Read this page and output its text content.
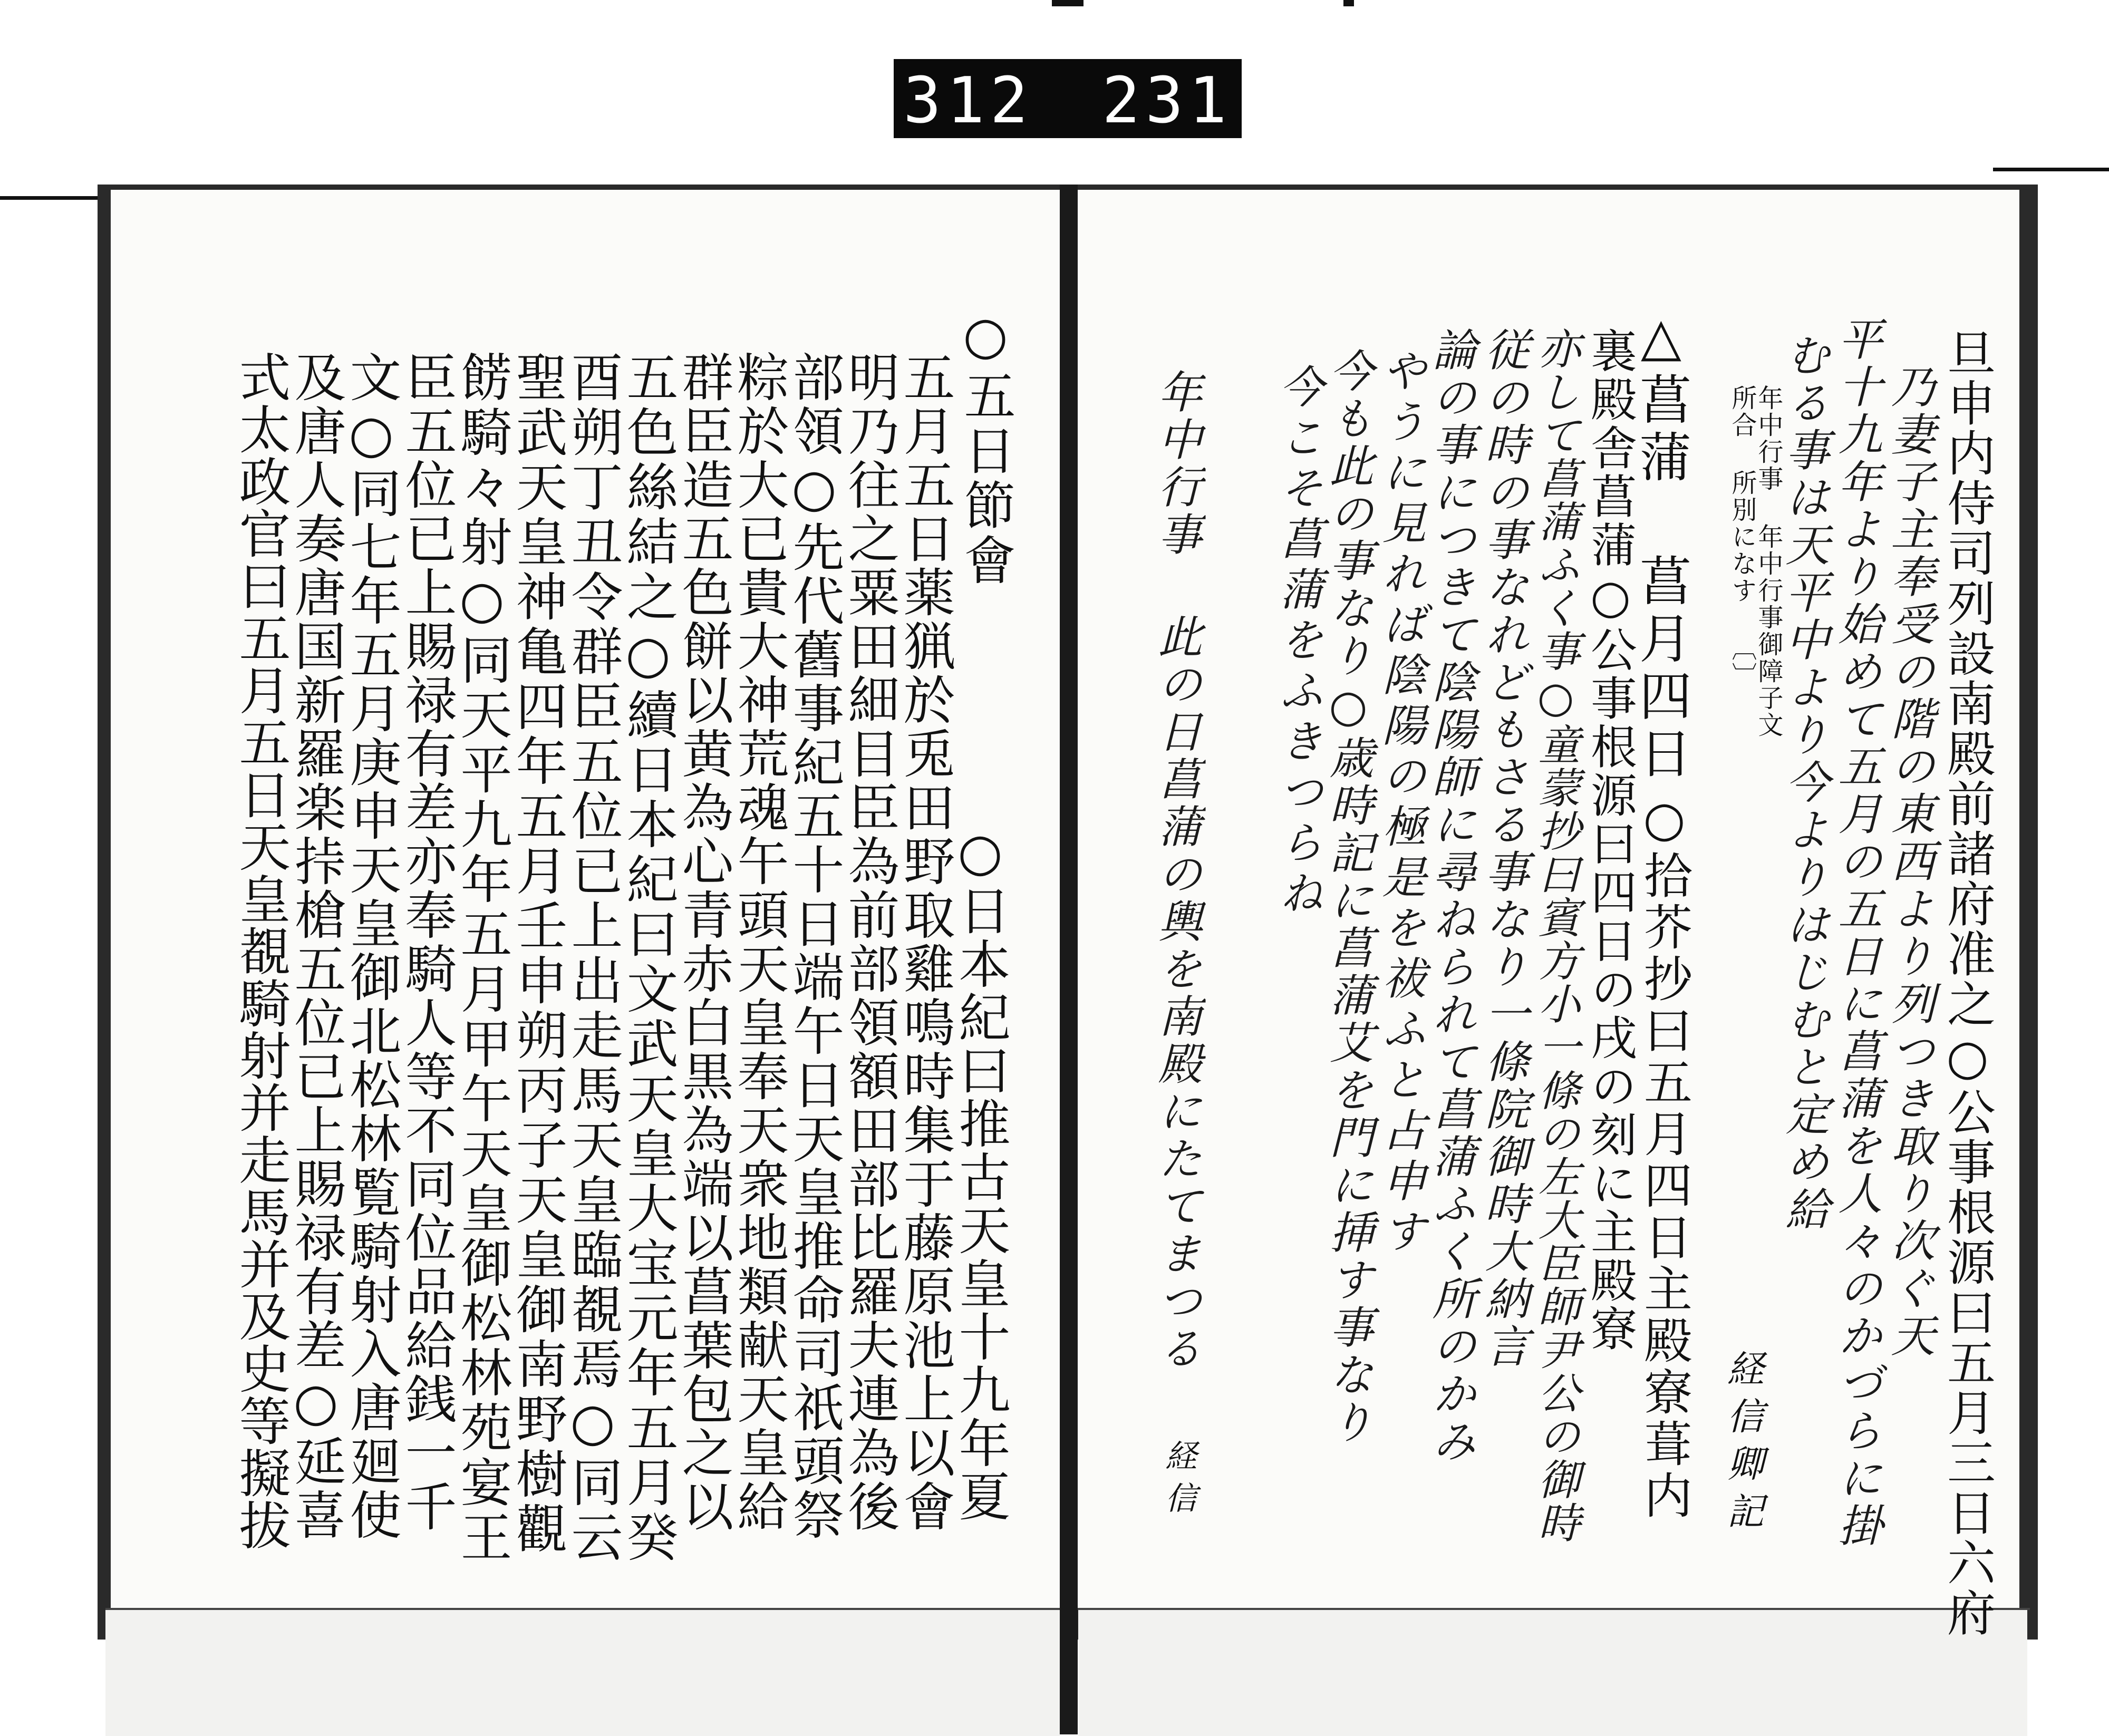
312 231
旦申内侍司列設南殿前諸府准之○公事根源曰五月三日六府
乃妻子主奉受の階の東西より列つき取り次ぐ天
平十九年より始めて五月の五日に菖蒲を人々のかづらに掛
むる事は天平中より今よりはじむと定め給
年中行事 年中行事御障子文
所合 所別になす 〔〕
経信卿記
△菖蒲 菖月四日
○拾芥抄曰五月四日主殿寮葺内
裏殿舎菖蒲○公事根源曰四日の戌の刻に主殿寮
亦して菖蒲ふく事○童蒙抄曰賓方小一條の左大臣師尹公の御時
従の時の事なれどもさる事なり一條院御時大納言
論の事につきて陰陽師に尋ねられて菖蒲ふく所のかみ
やうに見れば陰陽の極是を祓ふと占申す
今も此の事なり○歳時記に菖蒲艾を門に挿す事なり
今こそ菖蒲をふきつらね
年中行事 此の日菖蒲の輿を南殿にたてまつる
経信
○日本紀曰推古天皇十九年夏
○五日節會
五月五日薬猟於兎田野取雞鳴時集于藤原池上以會
明乃往之粟田細目臣為前部領額田部比羅夫連為後
部領○先代舊事紀五十日端午日天皇推命司祇頭祭
粽於大已貴大神荒魂午頭天皇奉天衆地類献天皇給
群臣造五色餅以黄為心青赤白黒為端以菖葉包之以
五色絲結之○續日本紀曰文武天皇大宝元年五月癸
酉朔丁丑令群臣五位已上出走馬天皇臨覩焉○同云
聖武天皇神亀四年五月壬申朔丙子天皇御南野樹觀
餝騎々射○同天平九年五月甲午天皇御松林苑宴王
臣五位已上賜禄有差亦奉騎人等不同位品給銭一千
文○同七年五月庚申天皇御北松林覧騎射入唐廻使
及唐人奏唐国新羅楽挊槍五位已上賜禄有差○延喜
式太政官曰五月五日天皇覩騎射并走馬并及史等擬拔
